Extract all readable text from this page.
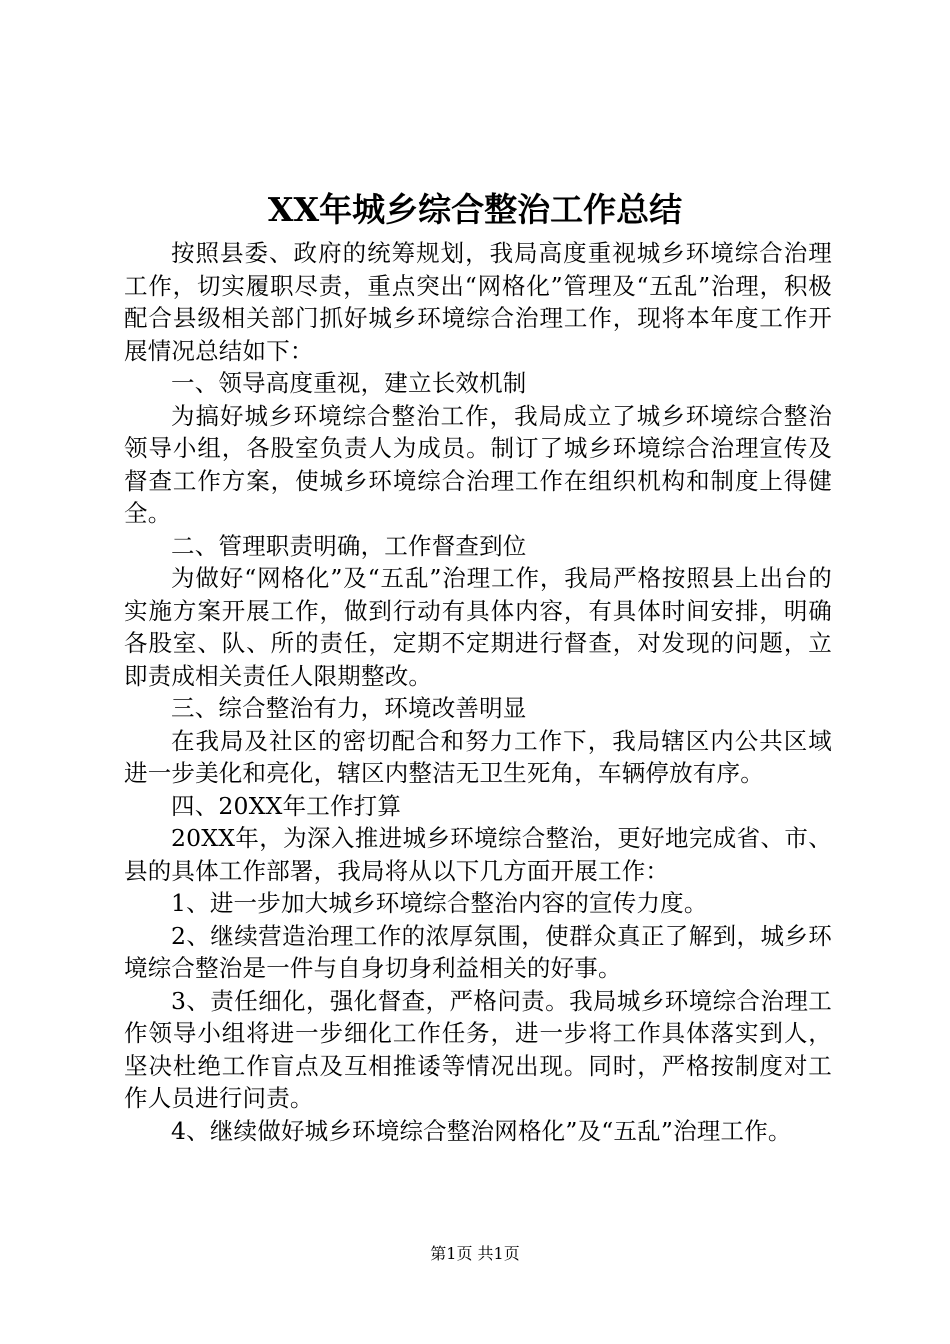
XX年城乡综合整治工作总结

按照县委、政府的统筹规划，我局高度重视城乡环境综合治理工作，切实履职尽责，重点突出“网格化”管理及“五乱”治理，积极配合县级相关部门抓好城乡环境综合治理工作，现将本年度工作开展情况总结如下：

一、领导高度重视，建立长效机制

为搞好城乡环境综合整治工作，我局成立了城乡环境综合整治领导小组，各股室负责人为成员。制订了城乡环境综合治理宣传及督查工作方案，使城乡环境综合治理工作在组织机构和制度上得健全。

二、管理职责明确，工作督查到位

为做好“网格化”及“五乱”治理工作，我局严格按照县上出台的实施方案开展工作，做到行动有具体内容，有具体时间安排，明确各股室、队、所的责任，定期不定期进行督查，对发现的问题，立即责成相关责任人限期整改。

三、综合整治有力，环境改善明显

在我局及社区的密切配合和努力工作下，我局辖区内公共区域进一步美化和亮化，辖区内整洁无卫生死角，车辆停放有序。

四、20XX年工作打算

20XX年，为深入推进城乡环境综合整治，更好地完成省、市、县的具体工作部署，我局将从以下几方面开展工作：

1、进一步加大城乡环境综合整治内容的宣传力度。

2、继续营造治理工作的浓厚氛围，使群众真正了解到，城乡环境综合整治是一件与自身切身利益相关的好事。

3、责任细化，强化督查，严格问责。我局城乡环境综合治理工作领导小组将进一步细化工作任务，进一步将工作具体落实到人，坚决杜绝工作盲点及互相推诿等情况出现。同时，严格按制度对工作人员进行问责。

4、继续做好城乡环境综合整治网格化”及“五乱”治理工作。

第1页 共1页
